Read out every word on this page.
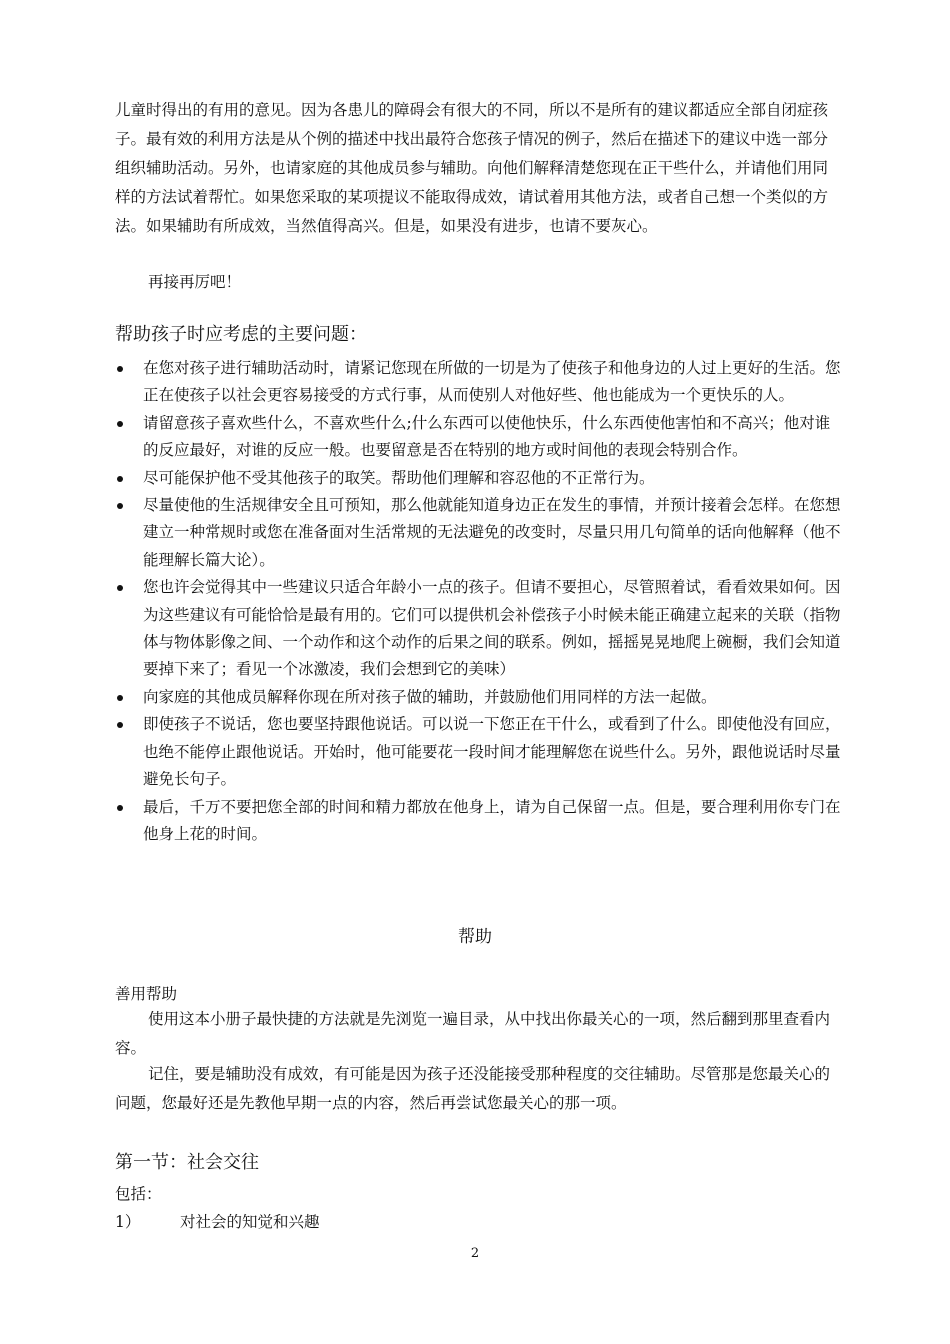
儿童时得出的有用的意见。因为各患儿的障碍会有很大的不同，所以不是所有的建议都适应全部自闭症孩子。最有效的利用方法是从个例的描述中找出最符合您孩子情况的例子，然后在描述下的建议中选一部分组织辅助活动。另外，也请家庭的其他成员参与辅助。向他们解释清楚您现在正干些什么，并请他们用同样的方法试着帮忙。如果您采取的某项提议不能取得成效，请试着用其他方法，或者自己想一个类似的方法。如果辅助有所成效，当然值得高兴。但是，如果没有进步，也请不要灰心。

再接再厉吧！

帮助孩子时应考虑的主要问题：

在您对孩子进行辅助活动时，请紧记您现在所做的一切是为了使孩子和他身边的人过上更好的生活。您正在使孩子以社会更容易接受的方式行事，从而使别人对他好些、他也能成为一个更快乐的人。
请留意孩子喜欢些什么，不喜欢些什么;什么东西可以使他快乐，什么东西使他害怕和不高兴；他对谁的反应最好，对谁的反应一般。也要留意是否在特别的地方或时间他的表现会特别合作。
尽可能保护他不受其他孩子的取笑。帮助他们理解和容忍他的不正常行为。
尽量使他的生活规律安全且可预知，那么他就能知道身边正在发生的事情，并预计接着会怎样。在您想建立一种常规时或您在准备面对生活常规的无法避免的改变时，尽量只用几句简单的话向他解释（他不能理解长篇大论）。
您也许会觉得其中一些建议只适合年龄小一点的孩子。但请不要担心，尽管照着试，看看效果如何。因为这些建议有可能恰恰是最有用的。它们可以提供机会补偿孩子小时候未能正确建立起来的关联（指物体与物体影像之间、一个动作和这个动作的后果之间的联系。例如，摇摇晃晃地爬上碗橱，我们会知道要掉下来了；看见一个冰激凌，我们会想到它的美味）
向家庭的其他成员解释你现在所对孩子做的辅助，并鼓励他们用同样的方法一起做。
即使孩子不说话，您也要坚持跟他说话。可以说一下您正在干什么，或看到了什么。即使他没有回应，也绝不能停止跟他说话。开始时，他可能要花一段时间才能理解您在说些什么。另外，跟他说话时尽量避免长句子。
最后，千万不要把您全部的时间和精力都放在他身上，请为自己保留一点。但是，要合理利用你专门在他身上花的时间。

帮助

善用帮助

使用这本小册子最快捷的方法就是先浏览一遍目录，从中找出你最关心的一项，然后翻到那里查看内容。

记住，要是辅助没有成效，有可能是因为孩子还没能接受那种程度的交往辅助。尽管那是您最关心的问题，您最好还是先教他早期一点的内容，然后再尝试您最关心的那一项。

第一节：社会交往

包括：

1）	对社会的知觉和兴趣
2
